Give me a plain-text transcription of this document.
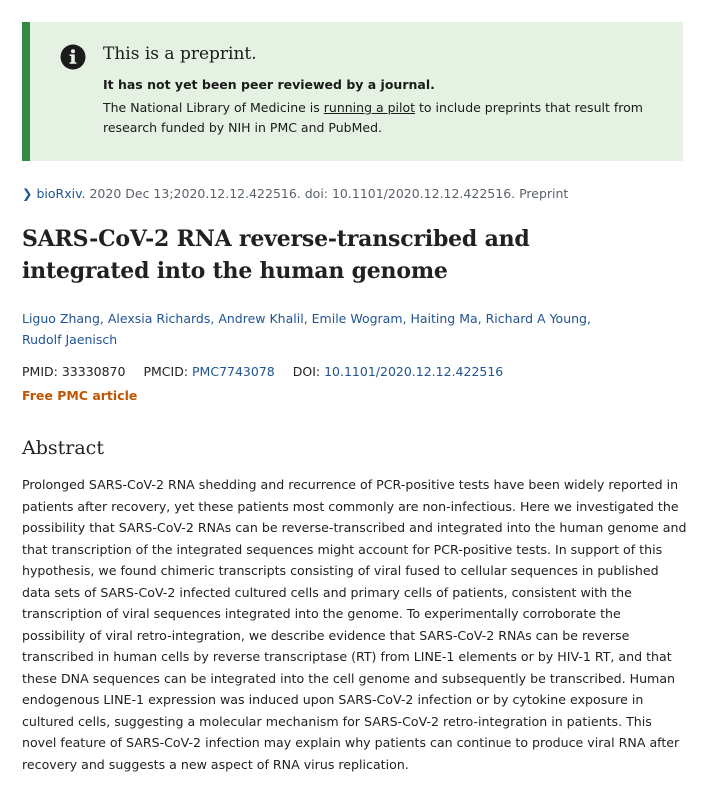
This is a preprint.
It has not yet been peer reviewed by a journal.
The National Library of Medicine is running a pilot to include preprints that result from research funded by NIH in PMC and PubMed.
❯ bioRxiv. 2020 Dec 13;2020.12.12.422516. doi: 10.1101/2020.12.12.422516. Preprint
SARS-CoV-2 RNA reverse-transcribed and integrated into the human genome
Liguo Zhang, Alexsia Richards, Andrew Khalil, Emile Wogram, Haiting Ma, Richard A Young,
Rudolf Jaenisch
PMID: 33330870 PMCID: PMC7743078 DOI: 10.1101/2020.12.12.422516
Free PMC article
Abstract

Prolonged SARS-CoV-2 RNA shedding and recurrence of PCR-positive tests have been widely reported in patients after recovery, yet these patients most commonly are non-infectious. Here we investigated the possibility that SARS-CoV-2 RNAs can be reverse-transcribed and integrated into the human genome and that transcription of the integrated sequences might account for PCR-positive tests. In support of this hypothesis, we found chimeric transcripts consisting of viral fused to cellular sequences in published data sets of SARS-CoV-2 infected cultured cells and primary cells of patients, consistent with the transcription of viral sequences integrated into the genome. To experimentally corroborate the possibility of viral retro-integration, we describe evidence that SARS-CoV-2 RNAs can be reverse transcribed in human cells by reverse transcriptase (RT) from LINE-1 elements or by HIV-1 RT, and that these DNA sequences can be integrated into the cell genome and subsequently be transcribed. Human endogenous LINE-1 expression was induced upon SARS-CoV-2 infection or by cytokine exposure in cultured cells, suggesting a molecular mechanism for SARS-CoV-2 retro-integration in patients. This novel feature of SARS-CoV-2 infection may explain why patients can continue to produce viral RNA after recovery and suggests a new aspect of RNA virus replication.
